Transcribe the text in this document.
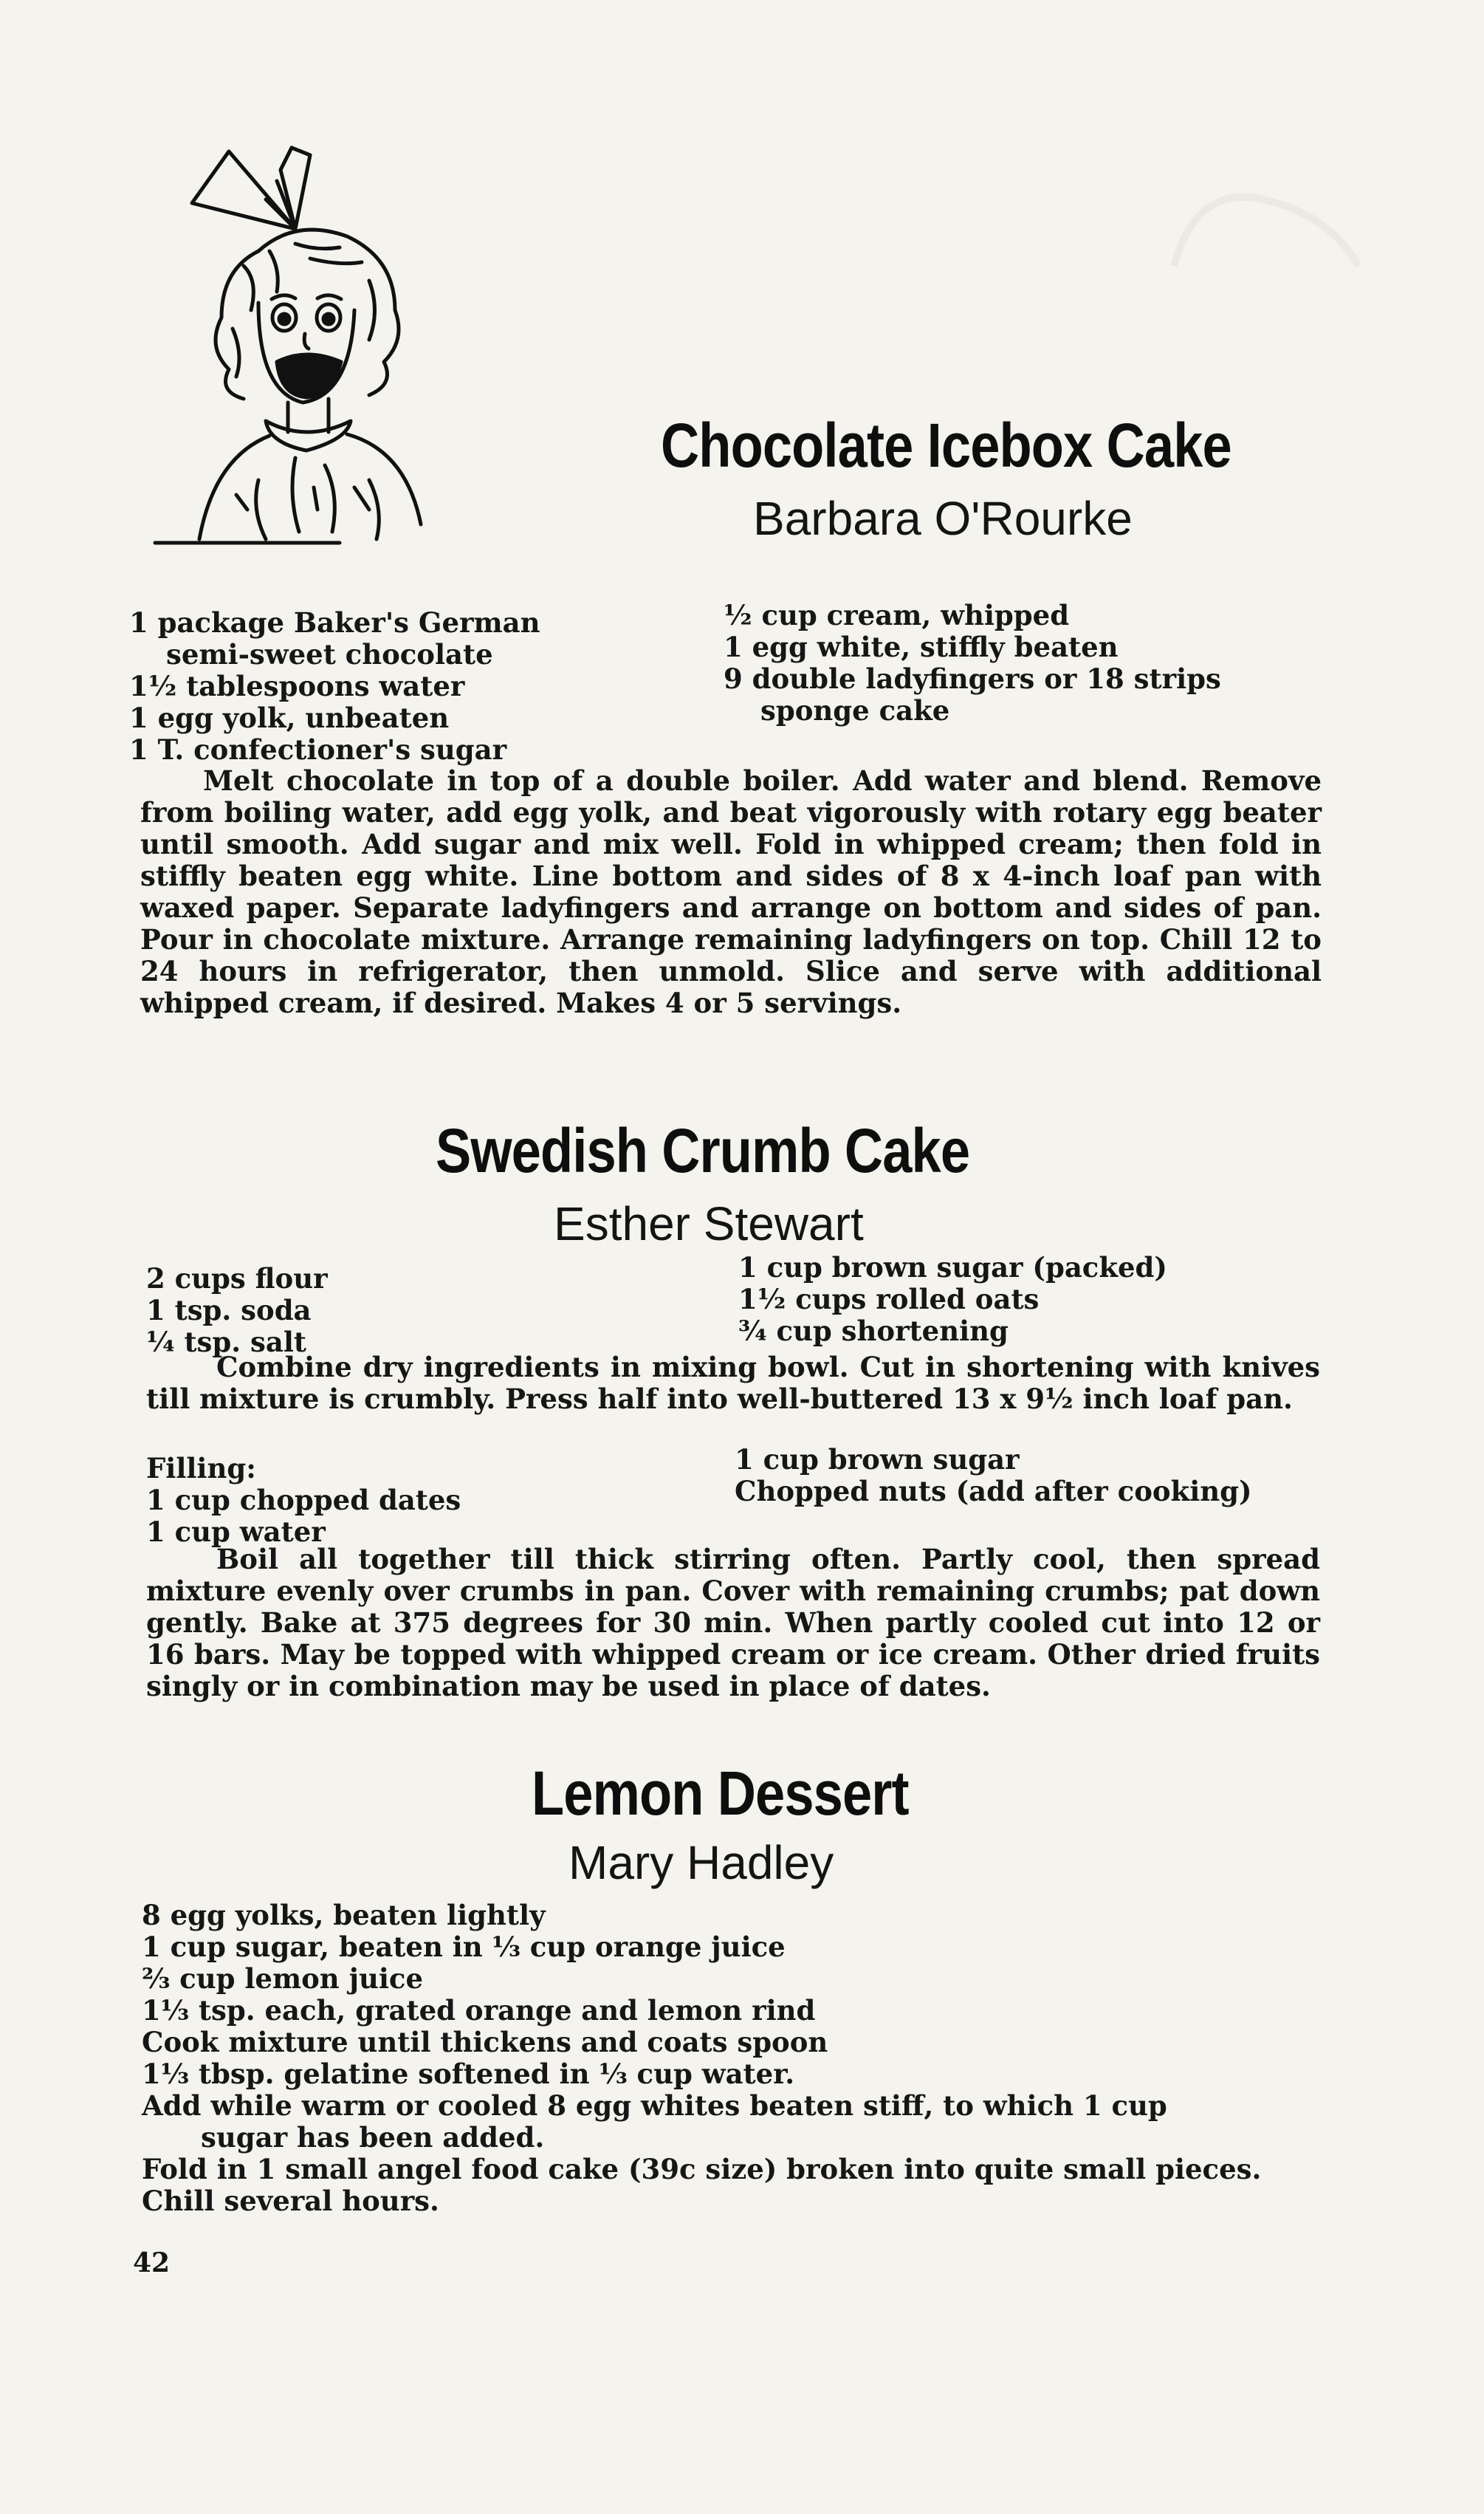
Chocolate Icebox Cake
Barbara O'Rourke
1 package Baker's German
semi-sweet chocolate
1½ tablespoons water
1 egg yolk, unbeaten
1 T. confectioner's sugar
½ cup cream, whipped
1 egg white, stiffly beaten
9 double ladyfingers or 18 strips
sponge cake
Melt chocolate in top of a double boiler. Add water and blend. Remove from boiling water, add egg yolk, and beat vigorously with rotary egg beater until smooth. Add sugar and mix well. Fold in whipped cream; then fold in stiffly beaten egg white. Line bottom and sides of 8 x 4-inch loaf pan with waxed paper. Separate ladyfingers and arrange on bottom and sides of pan. Pour in chocolate mixture. Arrange remaining ladyfingers on top. Chill 12 to 24 hours in refrigerator, then unmold. Slice and serve with additional whipped cream, if desired. Makes 4 or 5 servings.
Swedish Crumb Cake
Esther Stewart
2 cups flour
1 tsp. soda
¼ tsp. salt
1 cup brown sugar (packed)
1½ cups rolled oats
¾ cup shortening
Combine dry ingredients in mixing bowl. Cut in shortening with knives till mixture is crumbly. Press half into well-buttered 13 x 9½ inch loaf pan.
Filling:
1 cup chopped dates
1 cup water
1 cup brown sugar
Chopped nuts (add after cooking)
Boil all together till thick stirring often. Partly cool, then spread mixture evenly over crumbs in pan. Cover with remaining crumbs; pat down gently. Bake at 375 degrees for 30 min. When partly cooled cut into 12 or 16 bars. May be topped with whipped cream or ice cream. Other dried fruits singly or in combination may be used in place of dates.
Lemon Dessert
Mary Hadley
8 egg yolks, beaten lightly
1 cup sugar, beaten in ⅓ cup orange juice
⅔ cup lemon juice
1⅓ tsp. each, grated orange and lemon rind
Cook mixture until thickens and coats spoon
1⅓ tbsp. gelatine softened in ⅓ cup water.
Add while warm or cooled 8 egg whites beaten stiff, to which 1 cup
sugar has been added.
Fold in 1 small angel food cake (39c size) broken into quite small pieces.
Chill several hours.
42
